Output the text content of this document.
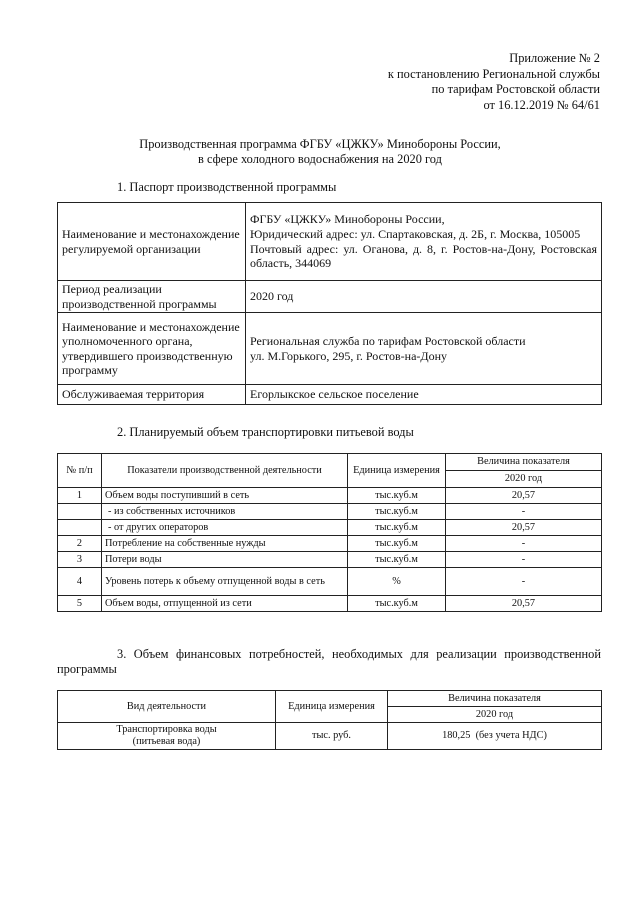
Приложение № 2
к постановлению Региональной службы
по тарифам Ростовской области
от 16.12.2019 № 64/61
Производственная программа ФГБУ «ЦЖКУ» Минобороны России,
в сфере холодного водоснабжения на 2020 год
1. Паспорт производственной программы
Наименование и местонахождение регулируемой организации	ФГБУ «ЦЖКУ» Минобороны России,
Юридический адрес: ул. Спартаковская, д. 2Б, г. Москва, 105005
Почтовый адрес: ул. Оганова, д. 8, г. Ростов-на-Дону, Ростовская область, 344069

Период реализации производственной программы	2020 год
Наименование и местонахождение уполномоченного органа, утвердившего производственную программу	Региональная служба по тарифам Ростовской области
ул. М.Горького, 295, г. Ростов-на-Дону

Обслуживаемая территория	Егорлыкское сельское поселение
2. Планируемый объем транспортировки питьевой воды
№ п/п	Показатели производственной деятельности	Единица измерения	Величина показателя
			2020 год
1	Объем воды поступивший в сеть	тыс.куб.м	20,57
	- из собственных источников	тыс.куб.м	-
	- от других операторов	тыс.куб.м	20,57
2	Потребление на собственные нужды	тыс.куб.м	-
3	Потери воды	тыс.куб.м	-
4	Уровень потерь к объему отпущенной воды в сеть	%	-
5	Объем воды, отпущенной из сети	тыс.куб.м	20,57
3. Объем финансовых потребностей, необходимых для реализации производственной программы
Вид деятельности	Единица измерения	Величина показателя
		2020 год

Транспортировка воды
(питьевая вода)	тыс. руб.	180,25  (без учета НДС)
